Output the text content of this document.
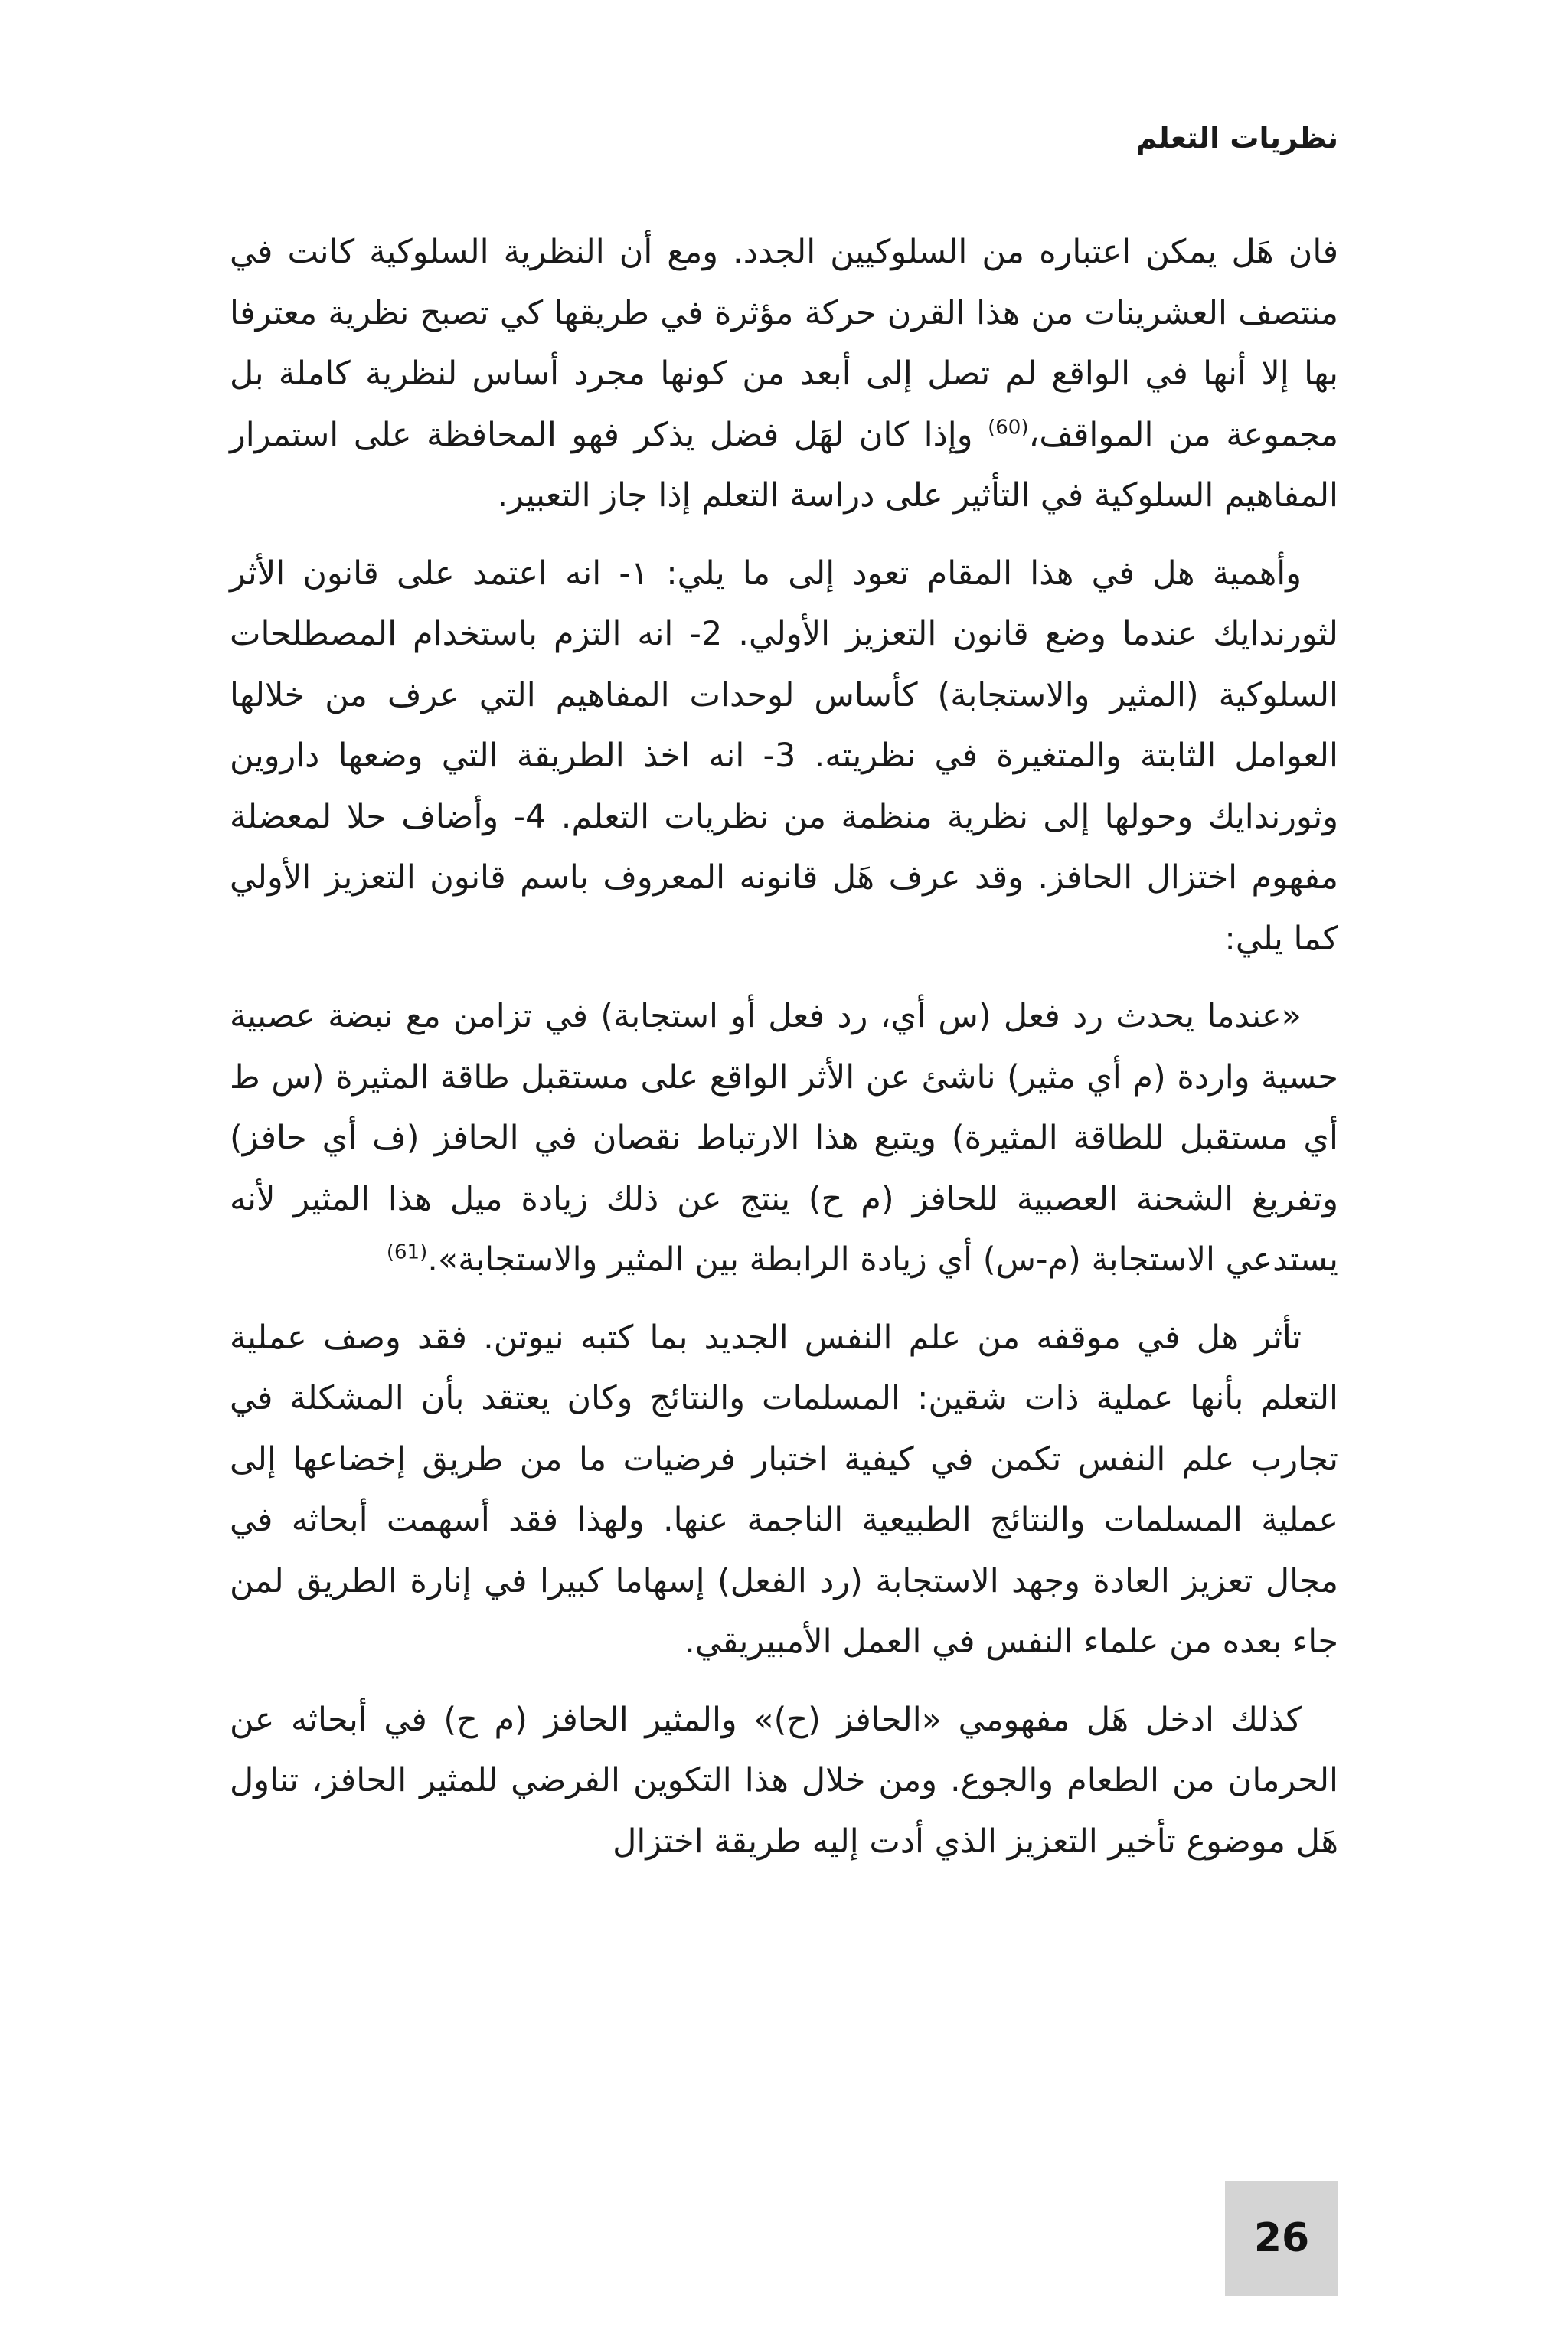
نظريات التعلم

فان هَل يمكن اعتباره من السلوكيين الجدد. ومع أن النظرية السلوكية كانت في منتصف العشرينات من هذا القرن حركة مؤثرة في طريقها كي تصبح نظرية معترفا بها إلا أنها في الواقع لم تصل إلى أبعد من كونها مجرد أساس لنظرية كاملة بل مجموعة من المواقف،$^{(60)}$ وإذا كان لهَل فضل يذكر فهو المحافظة على استمرار المفاهيم السلوكية في التأثير على دراسة التعلم إذا جاز التعبير.

وأهمية هل في هذا المقام تعود إلى ما يلي: ١- انه اعتمد على قانون الأثر لثورندايك عندما وضع قانون التعزيز الأولي. 2- انه التزم باستخدام المصطلحات السلوكية (المثير والاستجابة) كأساس لوحدات المفاهيم التي عرف من خلالها العوامل الثابتة والمتغيرة في نظريته. 3- انه اخذ الطريقة التي وضعها داروين وثورندايك وحولها إلى نظرية منظمة من نظريات التعلم. 4- وأضاف حلا لمعضلة مفهوم اختزال الحافز. وقد عرف هَل قانونه المعروف باسم قانون التعزيز الأولي كما يلي:

«عندما يحدث رد فعل (س أي، رد فعل أو استجابة) في تزامن مع نبضة عصبية حسية واردة (م أي مثير) ناشئ عن الأثر الواقع على مستقبل طاقة المثيرة (س ط أي مستقبل للطاقة المثيرة) ويتبع هذا الارتباط نقصان في الحافز (ف أي حافز) وتفريغ الشحنة العصبية للحافز (م ح) ينتج عن ذلك زيادة ميل هذا المثير لأنه يستدعي الاستجابة (م-س) أي زيادة الرابطة بين المثير والاستجابة».$^{(61)}$

تأثر هل في موقفه من علم النفس الجديد بما كتبه نيوتن. فقد وصف عملية التعلم بأنها عملية ذات شقين: المسلمات والنتائج وكان يعتقد بأن المشكلة في تجارب علم النفس تكمن في كيفية اختبار فرضيات ما من طريق إخضاعها إلى عملية المسلمات والنتائج الطبيعية الناجمة عنها. ولهذا فقد أسهمت أبحاثه في مجال تعزيز العادة وجهد الاستجابة (رد الفعل) إسهاما كبيرا في إنارة الطريق لمن جاء بعده من علماء النفس في العمل الأمبيريقي.

كذلك ادخل هَل مفهومي «الحافز (ح)» والمثير الحافز (م ح) في أبحاثه عن الحرمان من الطعام والجوع. ومن خلال هذا التكوين الفرضي للمثير الحافز، تناول هَل موضوع تأخير التعزيز الذي أدت إليه طريقة اختزال

26
